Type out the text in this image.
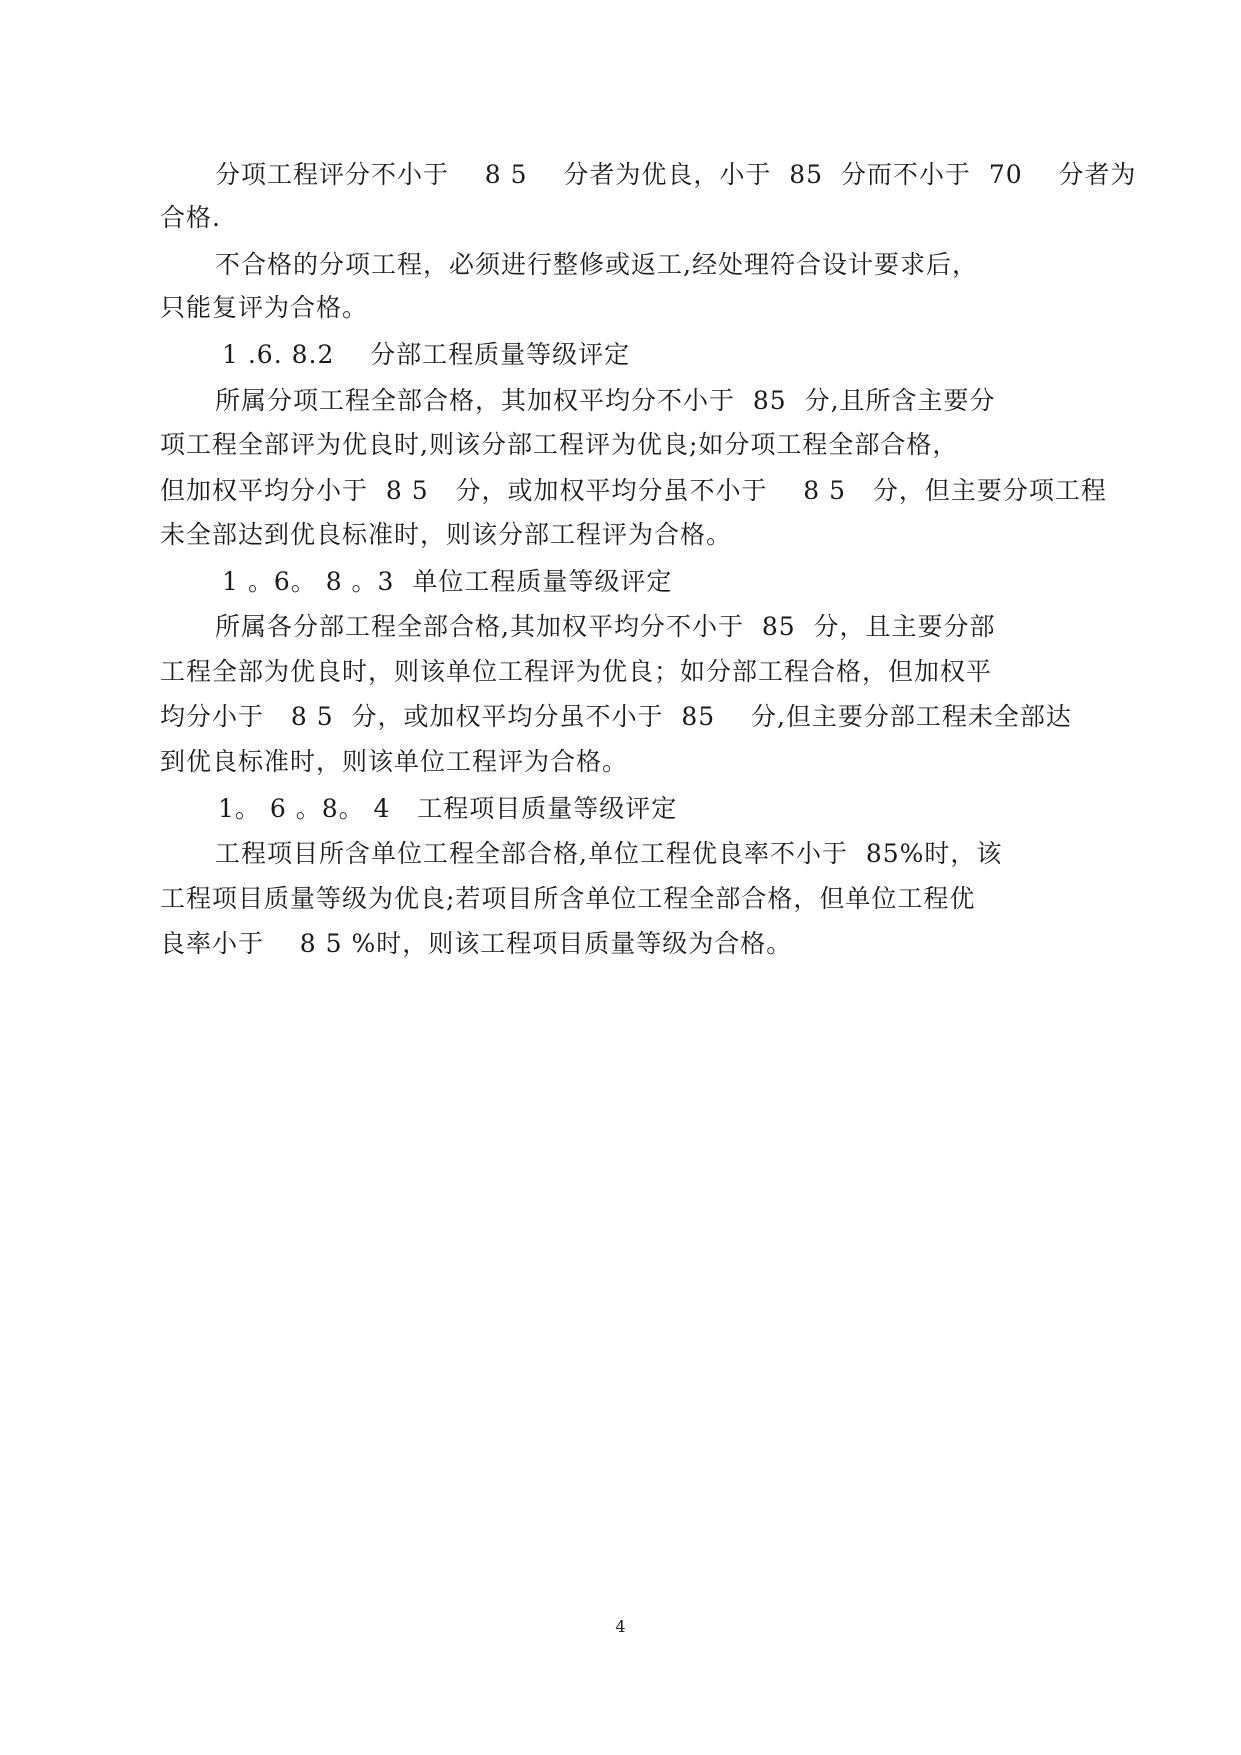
分项工程评分不小于    8 5    分者为优良，小于  85  分而不小于  70    分者为
合格.
不合格的分项工程，必须进行整修或返工,经处理符合设计要求后，
只能复评为合格。
1 .6. 8.2    分部工程质量等级评定
所属分项工程全部合格，其加权平均分不小于  85  分,且所含主要分
项工程全部评为优良时,则该分部工程评为优良;如分项工程全部合格，
但加权平均分小于  8 5   分，或加权平均分虽不小于    8 5   分，但主要分项工程
未全部达到优良标准时，则该分部工程评为合格。
1 。6。 8 。3  单位工程质量等级评定
所属各分部工程全部合格,其加权平均分不小于  85  分，且主要分部
工程全部为优良时，则该单位工程评为优良；如分部工程合格，但加权平
均分小于   8 5  分，或加权平均分虽不小于  85    分,但主要分部工程未全部达
到优良标准时，则该单位工程评为合格。
1。 6 。8。 4   工程项目质量等级评定
工程项目所含单位工程全部合格,单位工程优良率不小于  85%时，该
工程项目质量等级为优良;若项目所含单位工程全部合格，但单位工程优
良率小于    8 5 %时，则该工程项目质量等级为合格。
4
